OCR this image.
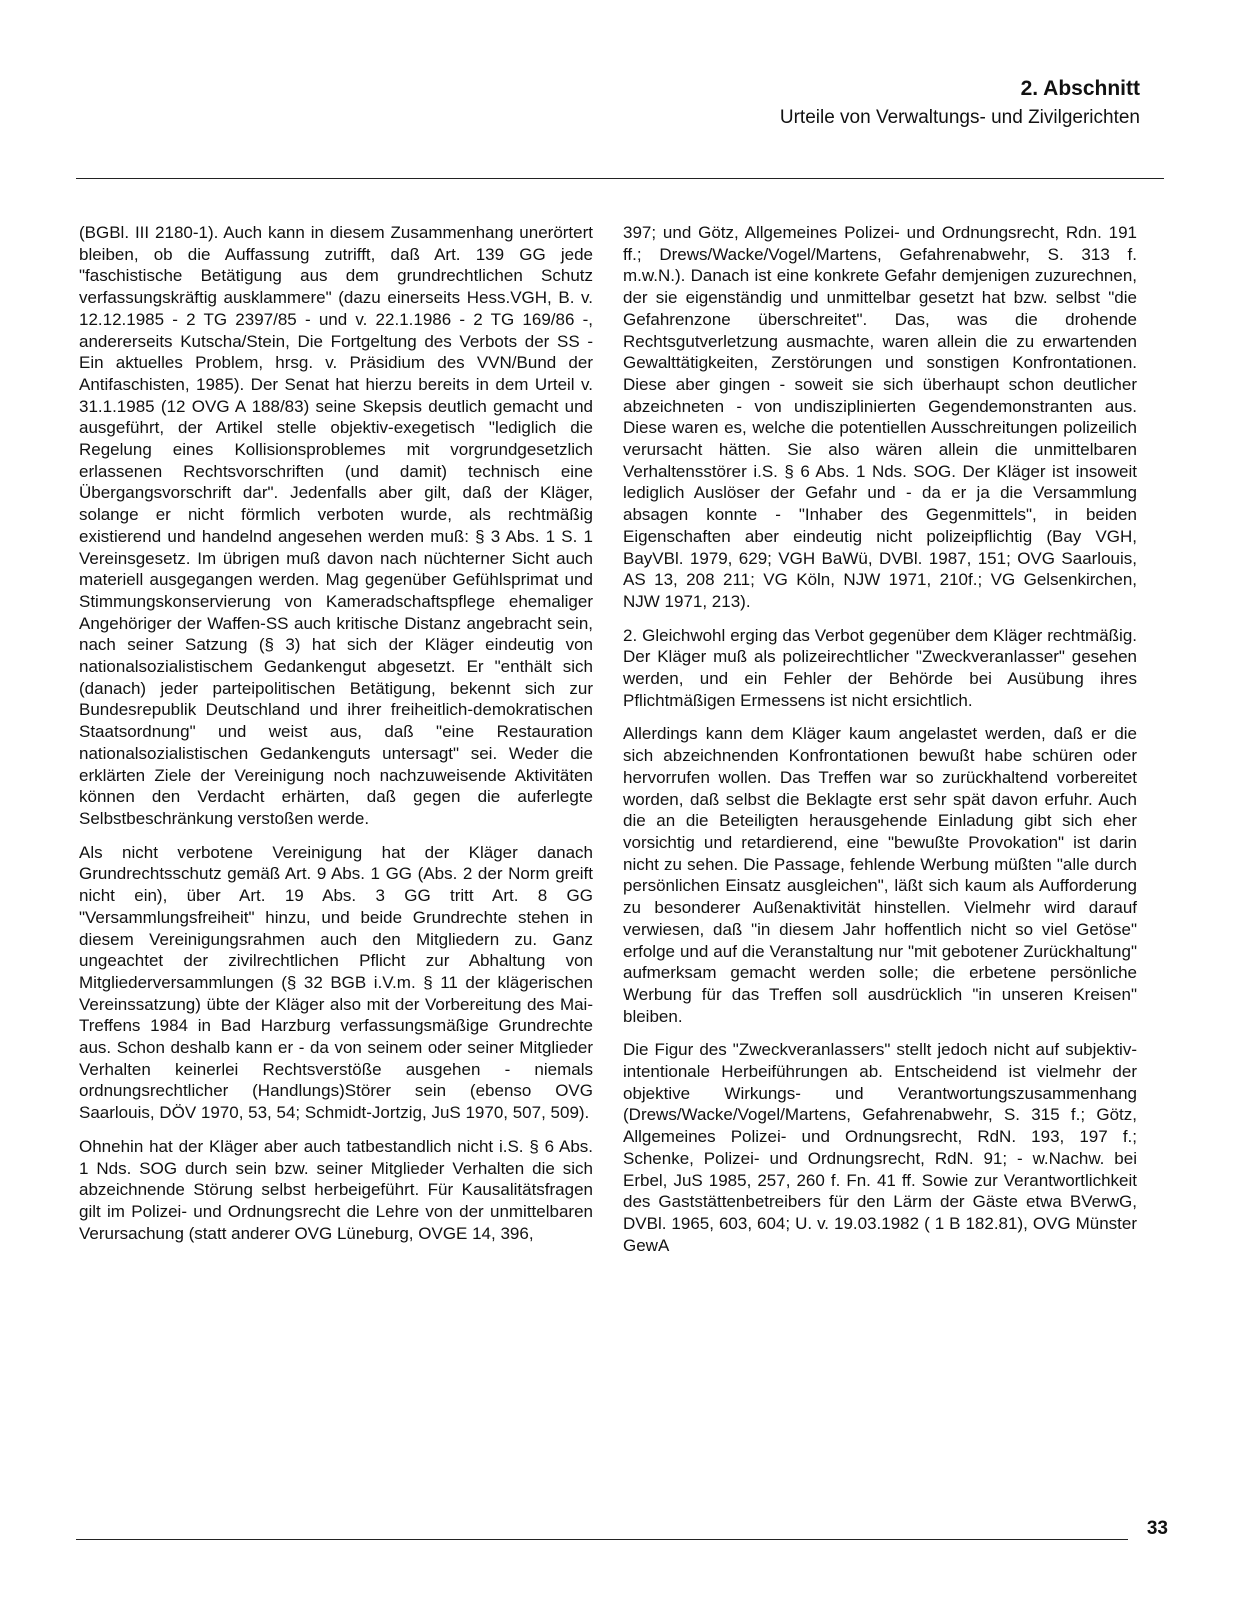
2. Abschnitt
Urteile von Verwaltungs- und Zivilgerichten

(BGBl. III 2180-1). Auch kann in diesem Zusammenhang unerörtert bleiben, ob die Auffassung zutrifft, daß Art. 139 GG jede "faschistische Betätigung aus dem grundrechtlichen Schutz verfassungskräftig ausklammere" (dazu einerseits Hess.VGH, B. v. 12.12.1985 - 2 TG 2397/85 - und v. 22.1.1986 - 2 TG 169/86 -, andererseits Kutscha/Stein, Die Fortgeltung des Verbots der SS - Ein aktuelles Problem, hrsg. v. Präsidium des VVN/Bund der Antifaschisten, 1985). Der Senat hat hierzu bereits in dem Urteil v. 31.1.1985 (12 OVG A 188/83) seine Skepsis deutlich gemacht und ausgeführt, der Artikel stelle objektiv-exegetisch "lediglich die Regelung eines Kollisionsproblemes mit vorgrundgesetzlich erlassenen Rechtsvorschriften (und damit) technisch eine Übergangsvorschrift dar". Jedenfalls aber gilt, daß der Kläger, solange er nicht förmlich verboten wurde, als rechtmäßig existierend und handelnd angesehen werden muß: § 3 Abs. 1 S. 1 Vereinsgesetz. Im übrigen muß davon nach nüchterner Sicht auch materiell ausgegangen werden. Mag gegenüber Gefühlsprimat und Stimmungskonservierung von Kameradschaftspflege ehemaliger Angehöriger der Waffen-SS auch kritische Distanz angebracht sein, nach seiner Satzung (§ 3) hat sich der Kläger eindeutig von nationalsozialistischem Gedankengut abgesetzt. Er "enthält sich (danach) jeder parteipolitischen Betätigung, bekennt sich zur Bundesrepublik Deutschland und ihrer freiheitlich-demokratischen Staatsordnung" und weist aus, daß "eine Restauration nationalsozialistischen Gedankenguts untersagt" sei. Weder die erklärten Ziele der Vereinigung noch nachzuweisende Aktivitäten können den Verdacht erhärten, daß gegen die auferlegte Selbstbeschränkung verstoßen werde.

Als nicht verbotene Vereinigung hat der Kläger danach Grundrechtsschutz gemäß Art. 9 Abs. 1 GG (Abs. 2 der Norm greift nicht ein), über Art. 19 Abs. 3 GG tritt Art. 8 GG "Versammlungsfreiheit" hinzu, und beide Grundrechte stehen in diesem Vereinigungsrahmen auch den Mitgliedern zu. Ganz ungeachtet der zivilrechtlichen Pflicht zur Abhaltung von Mitgliederversammlungen (§ 32 BGB i.V.m. § 11 der klägerischen Vereinssatzung) übte der Kläger also mit der Vorbereitung des Mai-Treffens 1984 in Bad Harzburg verfassungsmäßige Grundrechte aus. Schon deshalb kann er - da von seinem oder seiner Mitglieder Verhalten keinerlei Rechtsverstöße ausgehen - niemals ordnungsrechtlicher (Handlungs)Störer sein (ebenso OVG Saarlouis, DÖV 1970, 53, 54; Schmidt-Jortzig, JuS 1970, 507, 509).

Ohnehin hat der Kläger aber auch tatbestandlich nicht i.S. § 6 Abs. 1 Nds. SOG durch sein bzw. seiner Mitglieder Verhalten die sich abzeichnende Störung selbst herbeigeführt. Für Kausalitätsfragen gilt im Polizei- und Ordnungsrecht die Lehre von der unmittelbaren Verursachung (statt anderer OVG Lüneburg, OVGE 14, 396,

397; und Götz, Allgemeines Polizei- und Ordnungsrecht, Rdn. 191 ff.; Drews/Wacke/Vogel/Martens, Gefahrenabwehr, S. 313 f. m.w.N.). Danach ist eine konkrete Gefahr demjenigen zuzurechnen, der sie eigenständig und unmittelbar gesetzt hat bzw. selbst "die Gefahrenzone überschreitet". Das, was die drohende Rechtsgutverletzung ausmachte, waren allein die zu erwartenden Gewalttätigkeiten, Zerstörungen und sonstigen Konfrontationen. Diese aber gingen - soweit sie sich überhaupt schon deutlicher abzeichneten - von undisziplinierten Gegendemonstranten aus. Diese waren es, welche die potentiellen Ausschreitungen polizeilich verursacht hätten. Sie also wären allein die unmittelbaren Verhaltensstörer i.S. § 6 Abs. 1 Nds. SOG. Der Kläger ist insoweit lediglich Auslöser der Gefahr und - da er ja die Versammlung absagen konnte - "Inhaber des Gegenmittels", in beiden Eigenschaften aber eindeutig nicht polizeipflichtig (Bay VGH, BayVBl. 1979, 629; VGH BaWü, DVBl. 1987, 151; OVG Saarlouis, AS 13, 208 211; VG Köln, NJW 1971, 210f.; VG Gelsenkirchen, NJW 1971, 213).

2. Gleichwohl erging das Verbot gegenüber dem Kläger rechtmäßig. Der Kläger muß als polizeirechtlicher "Zweckveranlasser" gesehen werden, und ein Fehler der Behörde bei Ausübung ihres Pflichtmäßigen Ermessens ist nicht ersichtlich.

Allerdings kann dem Kläger kaum angelastet werden, daß er die sich abzeichnenden Konfrontationen bewußt habe schüren oder hervorrufen wollen. Das Treffen war so zurückhaltend vorbereitet worden, daß selbst die Beklagte erst sehr spät davon erfuhr. Auch die an die Beteiligten herausgehende Einladung gibt sich eher vorsichtig und retardierend, eine "bewußte Provokation" ist darin nicht zu sehen. Die Passage, fehlende Werbung müßten "alle durch persönlichen Einsatz ausgleichen", läßt sich kaum als Aufforderung zu besonderer Außenaktivität hinstellen. Vielmehr wird darauf verwiesen, daß "in diesem Jahr hoffentlich nicht so viel Getöse" erfolge und auf die Veranstaltung nur "mit gebotener Zurückhaltung" aufmerksam gemacht werden solle; die erbetene persönliche Werbung für das Treffen soll ausdrücklich "in unseren Kreisen" bleiben.

Die Figur des "Zweckveranlassers" stellt jedoch nicht auf subjektiv-intentionale Herbeiführungen ab. Entscheidend ist vielmehr der objektive Wirkungs- und Verantwortungszusammenhang (Drews/Wacke/Vogel/Martens, Gefahrenabwehr, S. 315 f.; Götz, Allgemeines Polizei- und Ordnungsrecht, RdN. 193, 197 f.; Schenke, Polizei- und Ordnungsrecht, RdN. 91; - w.Nachw. bei Erbel, JuS 1985, 257, 260 f. Fn. 41 ff. Sowie zur Verantwortlichkeit des Gaststättenbetreibers für den Lärm der Gäste etwa BVerwG, DVBl. 1965, 603, 604; U. v. 19.03.1982 ( 1 B 182.81), OVG Münster GewA

33
